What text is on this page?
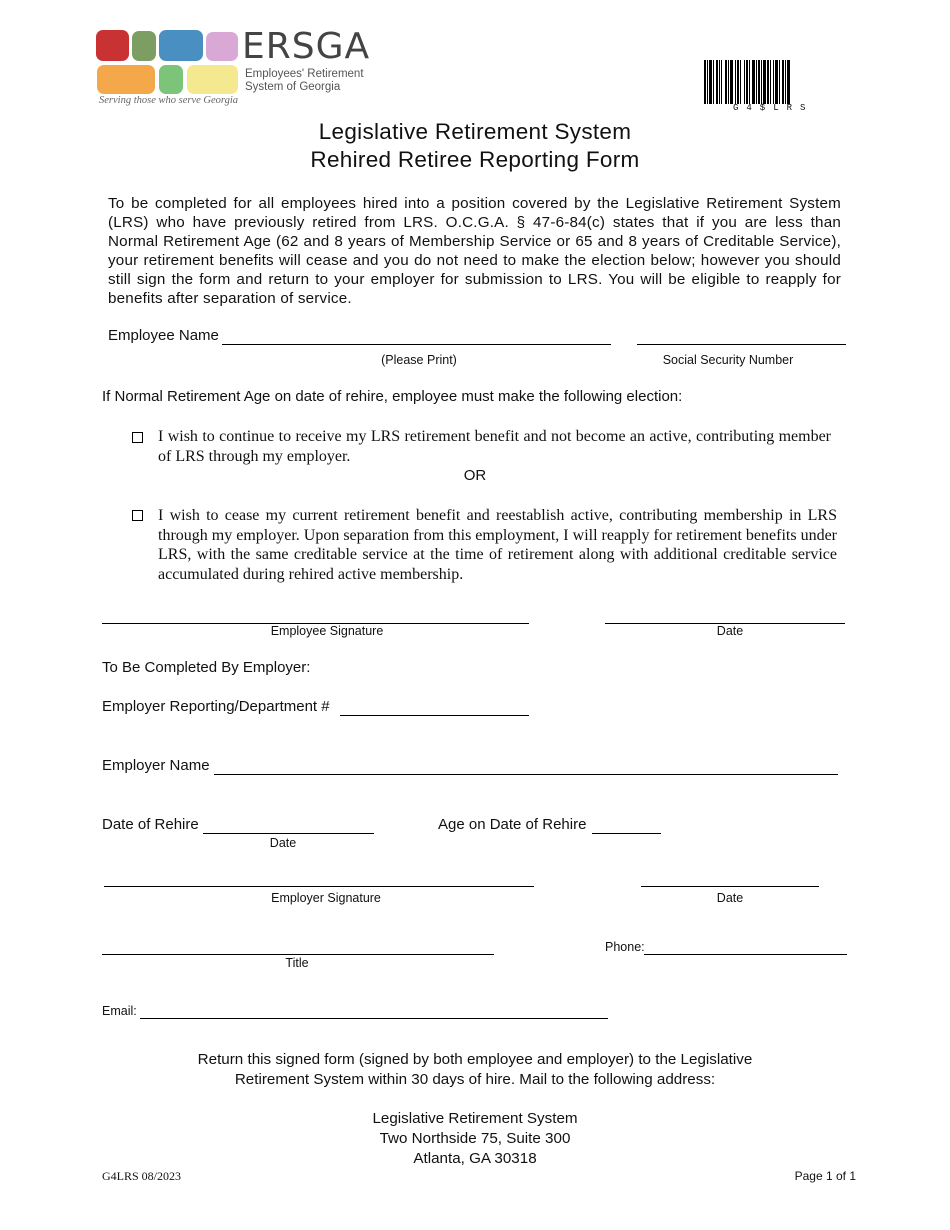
ERSGA
Employees' Retirement
System of Georgia
Serving those who serve Georgia
G4$LRS
Legislative Retirement System
Rehired Retiree Reporting Form
To be completed for all employees hired into a position covered by the Legislative Retirement System (LRS) who have previously retired from LRS. O.C.G.A. § 47-6-84(c) states that if you are less than Normal Retirement Age (62 and 8 years of Membership Service or 65 and 8 years of Creditable Service), your retirement benefits will cease and you do not need to make the election below; however you should still sign the form and return to your employer for submission to LRS. You will be eligible to reapply for benefits after separation of service.
Employee Name
(Please Print)	Social Security Number
If Normal Retirement Age on date of rehire, employee must make the following election:
I wish to continue to receive my LRS retirement benefit and not become an active, contributing member of LRS through my employer.
OR
I wish to cease my current retirement benefit and reestablish active, contributing membership in LRS through my employer. Upon separation from this employment, I will reapply for retirement benefits under LRS, with the same creditable service at the time of retirement along with additional creditable service accumulated during rehired active membership.
Employee Signature	Date
To Be Completed By Employer:
Employer Reporting/Department #
Employer Name
Date of Rehire
Date
Age on Date of Rehire
Employer Signature	Date
Title
Phone:
Email:
Return this signed form (signed by both employee and employer) to the Legislative
Retirement System within 30 days of hire. Mail to the following address:
Legislative Retirement System
Two Northside 75, Suite 300
Atlanta, GA 30318
G4LRS 08/2023	Page 1 of 1
